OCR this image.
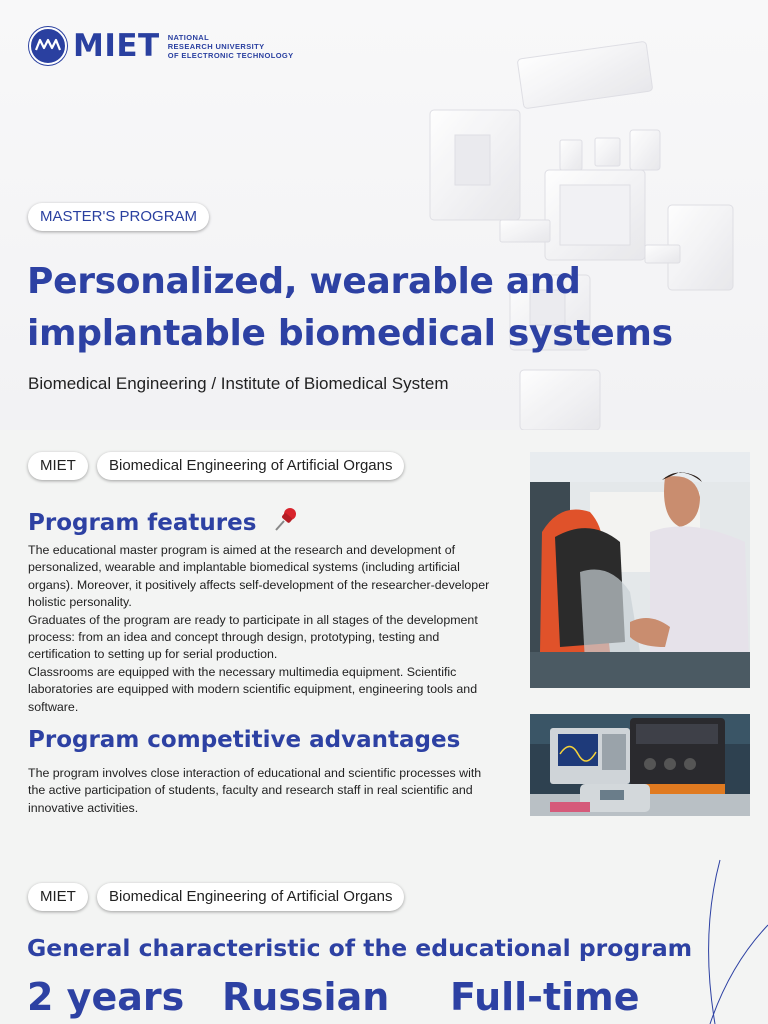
MIET NATIONAL
RESEARCH UNIVERSITY
OF ELECTRONIC TECHNOLOGY
MASTER'S PROGRAM
Personalized, wearable and implantable biomedical systems
Biomedical Engineering / Institute of Biomedical System
MIET	Biomedical Engineering of Artificial Organs
Program features
The educational master program is aimed at the research and development of personalized, wearable and implantable biomedical systems (including artificial organs). Moreover, it positively affects self-development of the researcher-developer holistic personality.
Graduates of the program are ready to participate in all stages of the development process: from an idea and concept through design, prototyping, testing and certification to setting up for serial production.
Classrooms are equipped with the necessary multimedia equipment. Scientific laboratories are equipped with modern scientific equipment, engineering tools and software.
Program competitive advantages
The program involves close interaction of educational and scientific processes with the active participation of students, faculty and research staff in real scientific and innovative activities.
MIET	Biomedical Engineering of Artificial Organs
General characteristic of the educational program
2 years Russian Full-time
